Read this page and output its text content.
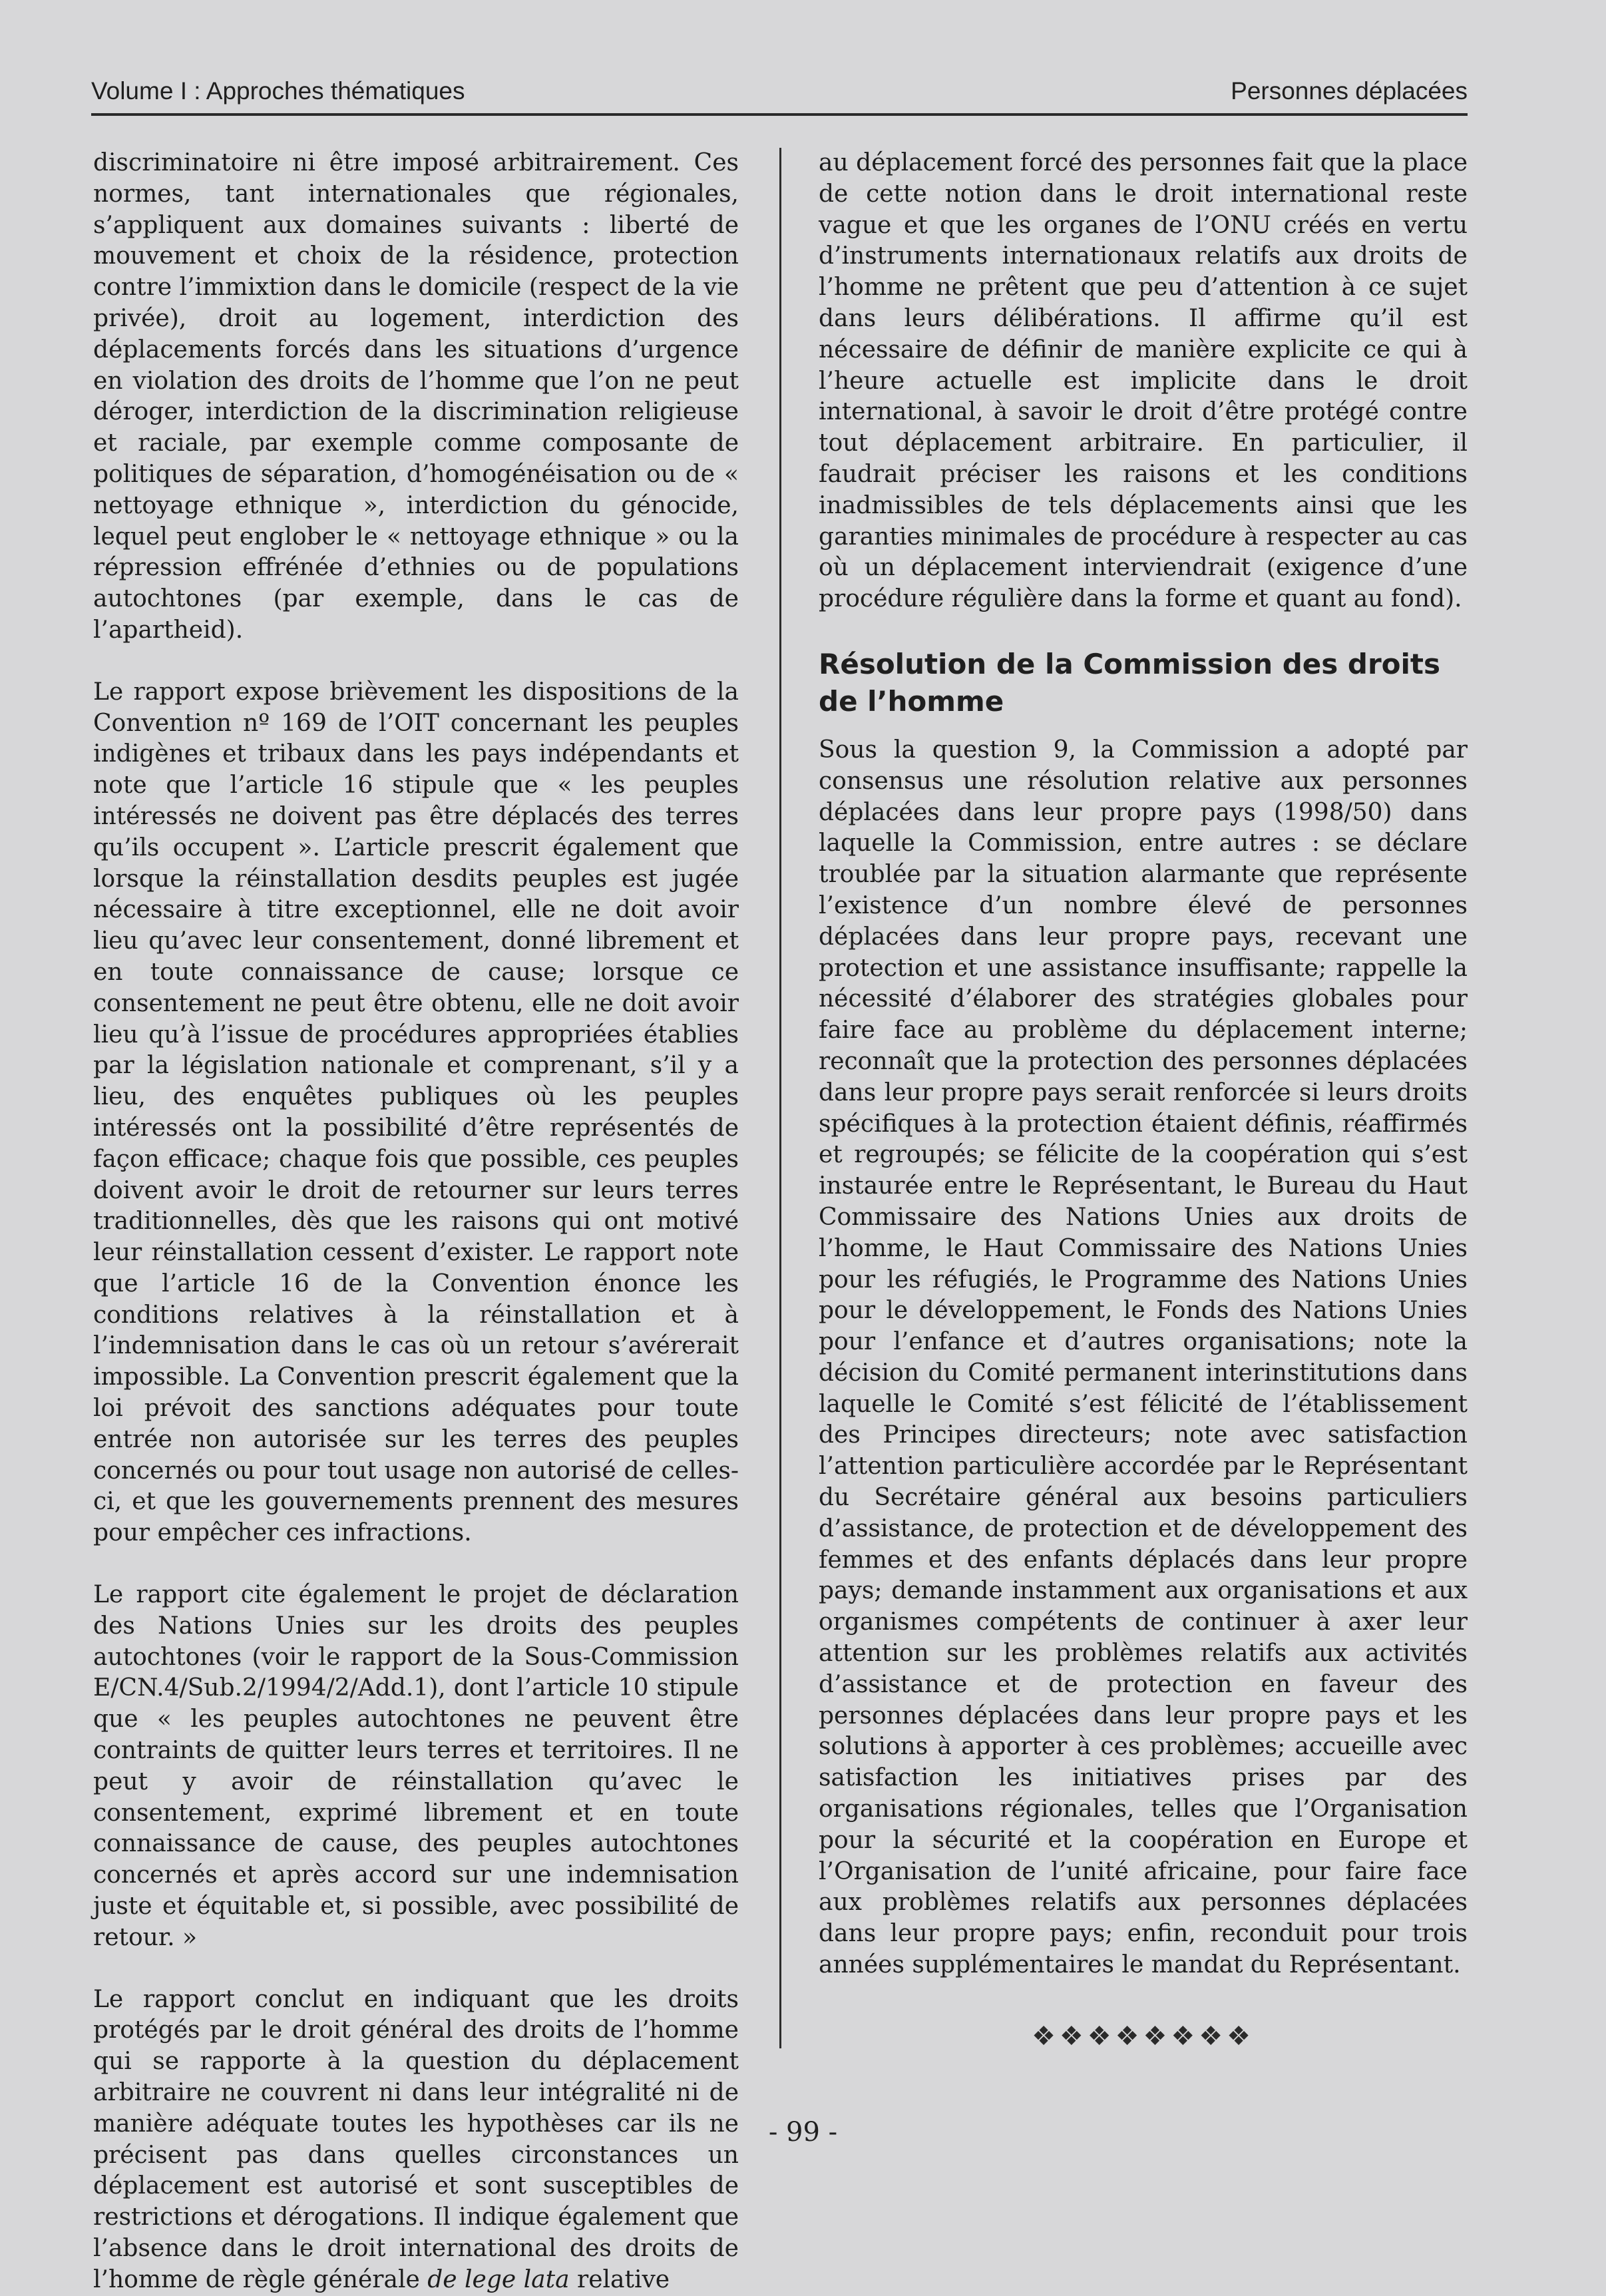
Volume I : Approches thématiques	Personnes déplacées

discriminatoire ni être imposé arbitrairement. Ces normes, tant internationales que régionales, s’appliquent aux domaines suivants : liberté de mouvement et choix de la résidence, protection contre l’immixtion dans le domicile (respect de la vie privée), droit au logement, interdiction des déplacements forcés dans les situations d’urgence en violation des droits de l’homme que l’on ne peut déroger, interdiction de la discrimination religieuse et raciale, par exemple comme composante de politiques de séparation, d’homogénéisation ou de « nettoyage ethnique », interdiction du génocide, lequel peut englober le « nettoyage ethnique » ou la répression effrénée d’ethnies ou de populations autochtones (par exemple, dans le cas de l’apartheid).

Le rapport expose brièvement les dispositions de la Convention nº 169 de l’OIT concernant les peuples indigènes et tribaux dans les pays indépendants et note que l’article 16 stipule que « les peuples intéressés ne doivent pas être déplacés des terres qu’ils occupent ». L’article prescrit également que lorsque la réinstallation desdits peuples est jugée nécessaire à titre exceptionnel, elle ne doit avoir lieu qu’avec leur consentement, donné librement et en toute connaissance de cause; lorsque ce consentement ne peut être obtenu, elle ne doit avoir lieu qu’à l’issue de procédures appropriées établies par la législation nationale et comprenant, s’il y a lieu, des enquêtes publiques où les peuples intéressés ont la possibilité d’être représentés de façon efficace; chaque fois que possible, ces peuples doivent avoir le droit de retourner sur leurs terres traditionnelles, dès que les raisons qui ont motivé leur réinstallation cessent d’exister. Le rapport note que l’article 16 de la Convention énonce les conditions relatives à la réinstallation et à l’indemnisation dans le cas où un retour s’avérerait impossible. La Convention prescrit également que la loi prévoit des sanctions adéquates pour toute entrée non autorisée sur les terres des peuples concernés ou pour tout usage non autorisé de celles-ci, et que les gouvernements prennent des mesures pour empêcher ces infractions.

Le rapport cite également le projet de déclaration des Nations Unies sur les droits des peuples autochtones (voir le rapport de la Sous-Commission E/CN.4/Sub.2/1994/2/Add.1), dont l’article 10 stipule que « les peuples autochtones ne peuvent être contraints de quitter leurs terres et territoires. Il ne peut y avoir de réinstallation qu’avec le consentement, exprimé librement et en toute connaissance de cause, des peuples autochtones concernés et après accord sur une indemnisation juste et équitable et, si possible, avec possibilité de retour. »

Le rapport conclut en indiquant que les droits protégés par le droit général des droits de l’homme qui se rapporte à la question du déplacement arbitraire ne couvrent ni dans leur intégralité ni de manière adéquate toutes les hypothèses car ils ne précisent pas dans quelles circonstances un déplacement est autorisé et sont susceptibles de restrictions et dérogations. Il indique également que l’absence dans le droit international des droits de l’homme de règle générale de lege lata relative

au déplacement forcé des personnes fait que la place de cette notion dans le droit international reste vague et que les organes de l’ONU créés en vertu d’instruments internationaux relatifs aux droits de l’homme ne prêtent que peu d’attention à ce sujet dans leurs délibérations. Il affirme qu’il est nécessaire de définir de manière explicite ce qui à l’heure actuelle est implicite dans le droit international, à savoir le droit d’être protégé contre tout déplacement arbitraire. En particulier, il faudrait préciser les raisons et les conditions inadmissibles de tels déplacements ainsi que les garanties minimales de procédure à respecter au cas où un déplacement interviendrait (exigence d’une procédure régulière dans la forme et quant au fond).

Résolution de la Commission des droits de l’homme

Sous la question 9, la Commission a adopté par consensus une résolution relative aux personnes déplacées dans leur propre pays (1998/50) dans laquelle la Commission, entre autres : se déclare troublée par la situation alarmante que représente l’existence d’un nombre élevé de personnes déplacées dans leur propre pays, recevant une protection et une assistance insuffisante; rappelle la nécessité d’élaborer des stratégies globales pour faire face au problème du déplacement interne; reconnaît que la protection des personnes déplacées dans leur propre pays serait renforcée si leurs droits spécifiques à la protection étaient définis, réaffirmés et regroupés; se félicite de la coopération qui s’est instaurée entre le Représentant, le Bureau du Haut Commissaire des Nations Unies aux droits de l’homme, le Haut Commissaire des Nations Unies pour les réfugiés, le Programme des Nations Unies pour le développement, le Fonds des Nations Unies pour l’enfance et d’autres organisations; note la décision du Comité permanent interinstitutions dans laquelle le Comité s’est félicité de l’établissement des Principes directeurs; note avec satisfaction l’attention particulière accordée par le Représentant du Secrétaire général aux besoins particuliers d’assistance, de protection et de développement des femmes et des enfants déplacés dans leur propre pays; demande instamment aux organisations et aux organismes compétents de continuer à axer leur attention sur les problèmes relatifs aux activités d’assistance et de protection en faveur des personnes déplacées dans leur propre pays et les solutions à apporter à ces problèmes; accueille avec satisfaction les initiatives prises par des organisations régionales, telles que l’Organisation pour la sécurité et la coopération en Europe et l’Organisation de l’unité africaine, pour faire face aux problèmes relatifs aux personnes déplacées dans leur propre pays; enfin, reconduit pour trois années supplémentaires le mandat du Représentant.

❖❖❖❖❖❖❖❖
- 99 -
